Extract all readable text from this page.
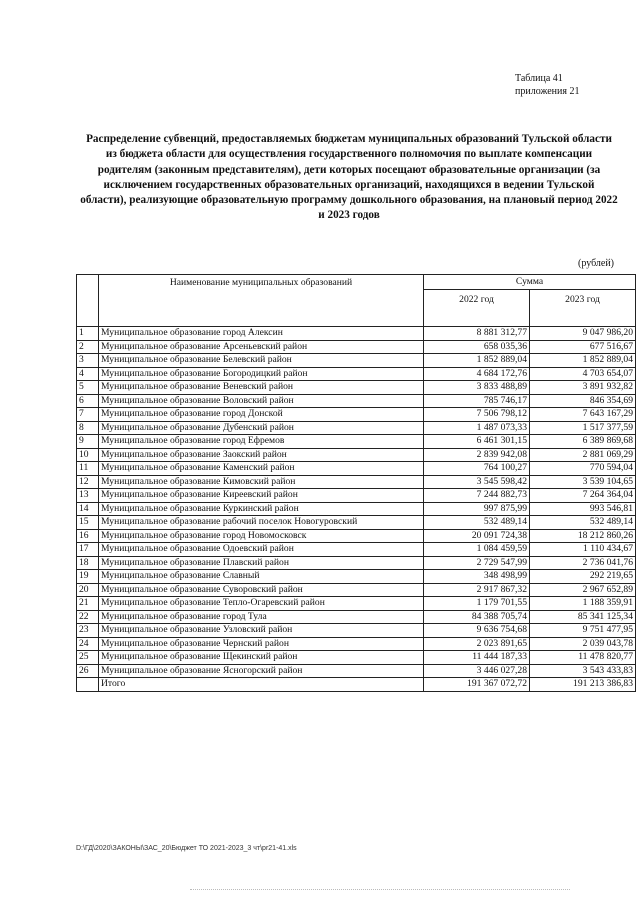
Таблица 41
приложения 21
Распределение субвенций, предоставляемых бюджетам муниципальных образований Тульской области из бюджета области для осуществления государственного полномочия по выплате компенсации родителям (законным представителям), дети которых посещают образовательные организации (за исключением государственных образовательных организаций, находящихся в ведении Тульской области), реализующие образовательную программу дошкольного образования, на плановый период 2022 и 2023 годов
(рублей)
	Наименование муниципальных образований	Сумма	
		2022 год	2023 год
1	Муниципальное образование город Алексин	8 881 312,77	9 047 986,20
2	Муниципальное образование Арсеньевский район	658 035,36	677 516,67
3	Муниципальное образование Белевский район	1 852 889,04	1 852 889,04
4	Муниципальное образование Богородицкий район	4 684 172,76	4 703 654,07
5	Муниципальное образование Веневский район	3 833 488,89	3 891 932,82
6	Муниципальное образование Воловский район	785 746,17	846 354,69
7	Муниципальное образование город Донской	7 506 798,12	7 643 167,29
8	Муниципальное образование Дубенский район	1 487 073,33	1 517 377,59
9	Муниципальное образование город Ефремов	6 461 301,15	6 389 869,68
10	Муниципальное образование Заокский район	2 839 942,08	2 881 069,29
11	Муниципальное образование Каменский район	764 100,27	770 594,04
12	Муниципальное образование Кимовский район	3 545 598,42	3 539 104,65
13	Муниципальное образование Киреевский район	7 244 882,73	7 264 364,04
14	Муниципальное образование Куркинский район	997 875,99	993 546,81
15	Муниципальное образование рабочий поселок Новогуровский	532 489,14	532 489,14
16	Муниципальное образование город Новомосковск	20 091 724,38	18 212 860,26
17	Муниципальное образование Одоевский район	1 084 459,59	1 110 434,67
18	Муниципальное образование Плавский район	2 729 547,99	2 736 041,76
19	Муниципальное образование Славный	348 498,99	292 219,65
20	Муниципальное образование Суворовский район	2 917 867,32	2 967 652,89
21	Муниципальное образование Тепло-Огаревский район	1 179 701,55	1 188 359,91
22	Муниципальное образование город Тула	84 388 705,74	85 341 125,34
23	Муниципальное образование Узловский район	9 636 754,68	9 751 477,95
24	Муниципальное образование Чернский район	2 023 891,65	2 039 043,78
25	Муниципальное образование Щекинский район	11 444 187,33	11 478 820,77
26	Муниципальное образование Ясногорский район	3 446 027,28	3 543 433,83
	Итого	191 367 072,72	191 213 386,83
D:\ГД\2020\ЗАКОНЫ\ЗАС_20\Бюджет ТО 2021-2023_3 чт\pr21-41.xls
